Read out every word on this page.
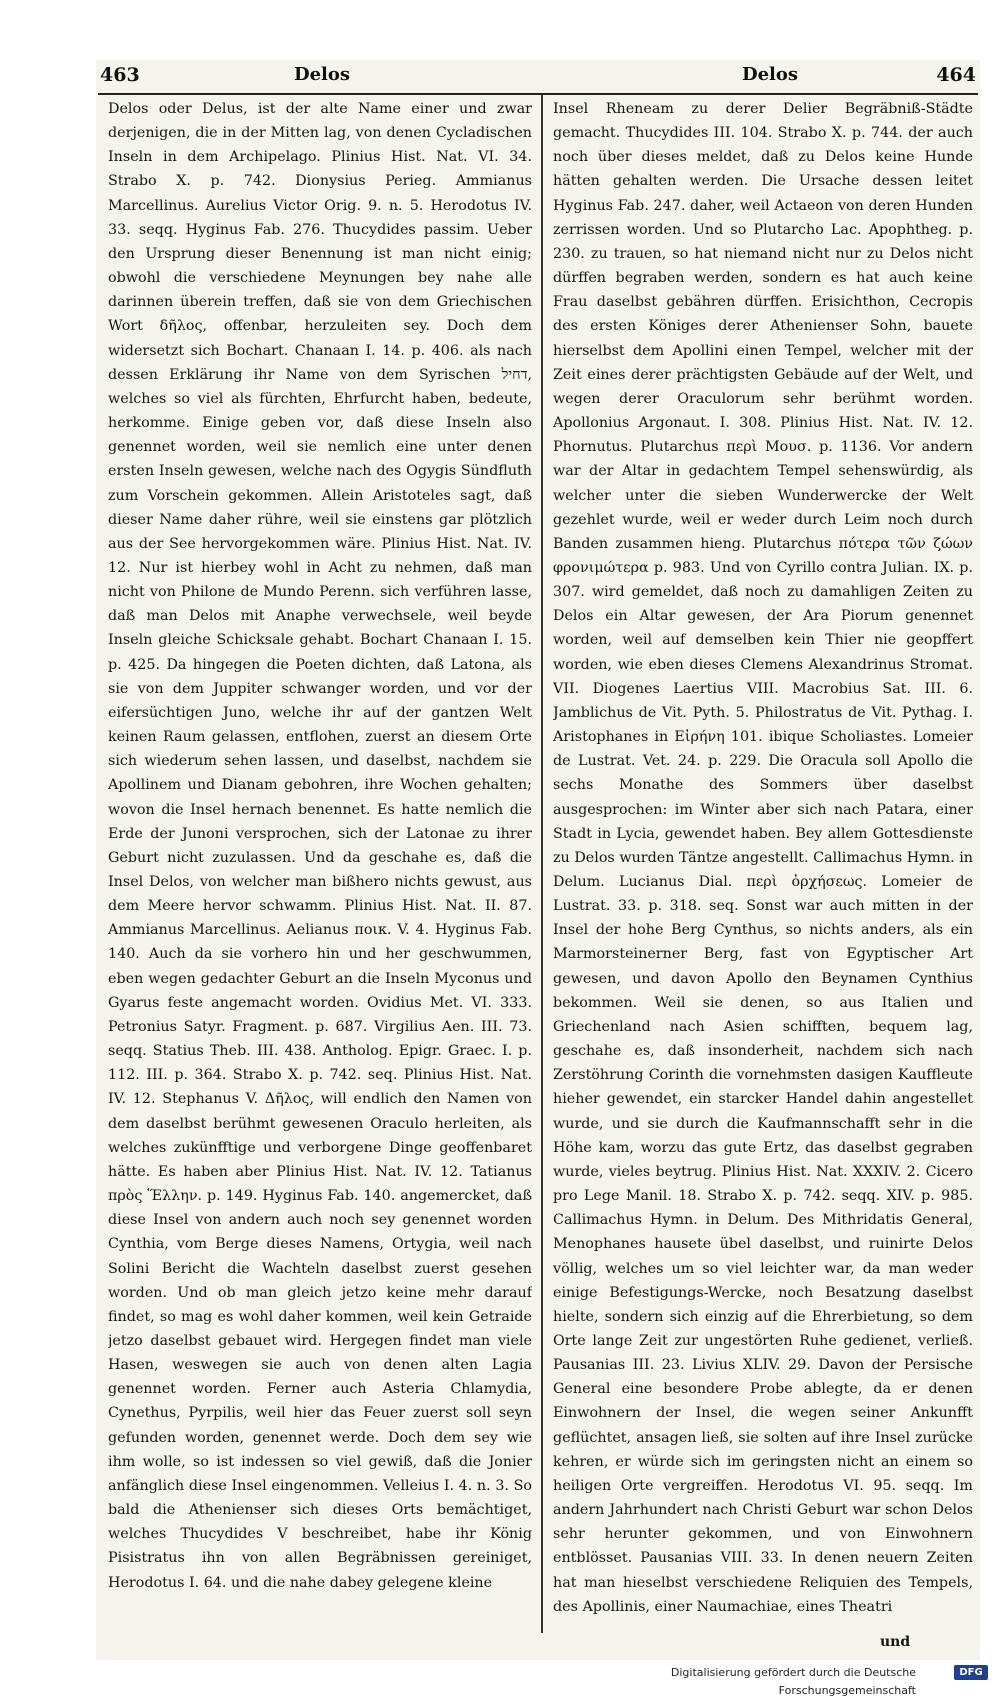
463	Delos	Delos	464

Delos oder Delus, ist der alte Name einer und zwar derjenigen, die in der Mitten lag, von denen Cycladischen Inseln in dem Archipelago. Plinius Hist. Nat. VI. 34. Strabo X. p. 742. Dionysius Perieg. Ammianus Marcellinus. Aurelius Victor Orig. 9. n. 5. Herodotus IV. 33. seqq. Hyginus Fab. 276. Thucydides passim. Ueber den Ursprung dieser Benennung ist man nicht einig; obwohl die verschiedene Meynungen bey nahe alle darinnen überein treffen, daß sie von dem Griechischen Wort δῆλος, offenbar, herzuleiten sey. Doch dem widersetzt sich Bochart. Chanaan I. 14. p. 406. als nach dessen Erklärung ihr Name von dem Syrischen דחיל, welches so viel als fürchten, Ehrfurcht haben, bedeute, herkomme. Einige geben vor, daß diese Inseln also genennet worden, weil sie nemlich eine unter denen ersten Inseln gewesen, welche nach des Ogygis Sündfluth zum Vorschein gekommen. Allein Aristoteles sagt, daß dieser Name daher rühre, weil sie einstens gar plötzlich aus der See hervorgekommen wäre. Plinius Hist. Nat. IV. 12. Nur ist hierbey wohl in Acht zu nehmen, daß man nicht von Philone de Mundo Perenn. sich verführen lasse, daß man Delos mit Anaphe verwechsele, weil beyde Inseln gleiche Schicksale gehabt. Bochart Chanaan I. 15. p. 425. Da hingegen die Poeten dichten, daß Latona, als sie von dem Juppiter schwanger worden, und vor der eifersüchtigen Juno, welche ihr auf der gantzen Welt keinen Raum gelassen, entflohen, zuerst an diesem Orte sich wiederum sehen lassen, und daselbst, nachdem sie Apollinem und Dianam gebohren, ihre Wochen gehalten; wovon die Insel hernach benennet. Es hatte nemlich die Erde der Junoni versprochen, sich der Latonae zu ihrer Geburt nicht zuzulassen. Und da geschahe es, daß die Insel Delos, von welcher man bißhero nichts gewust, aus dem Meere hervor schwamm. Plinius Hist. Nat. II. 87. Ammianus Marcellinus. Aelianus ποικ. V. 4. Hyginus Fab. 140. Auch da sie vorhero hin und her geschwummen, eben wegen gedachter Geburt an die Inseln Myconus und Gyarus feste angemacht worden. Ovidius Met. VI. 333. Petronius Satyr. Fragment. p. 687. Virgilius Aen. III. 73. seqq. Statius Theb. III. 438. Antholog. Epigr. Graec. I. p. 112. III. p. 364. Strabo X. p. 742. seq. Plinius Hist. Nat. IV. 12. Stephanus V. Δῆλος, will endlich den Namen von dem daselbst berühmt gewesenen Oraculo herleiten, als welches zukünfftige und verborgene Dinge geoffenbaret hätte. Es haben aber Plinius Hist. Nat. IV. 12. Tatianus πρὸς Ἕλλην. p. 149. Hyginus Fab. 140. angemercket, daß diese Insel von andern auch noch sey genennet worden Cynthia, vom Berge dieses Namens, Ortygia, weil nach Solini Bericht die Wachteln daselbst zuerst gesehen worden. Und ob man gleich jetzo keine mehr darauf findet, so mag es wohl daher kommen, weil kein Getraide jetzo daselbst gebauet wird. Hergegen findet man viele Hasen, weswegen sie auch von denen alten Lagia genennet worden. Ferner auch Asteria Chlamydia, Cynethus, Pyrpilis, weil hier das Feuer zuerst soll seyn gefunden worden, genennet werde. Doch dem sey wie ihm wolle, so ist indessen so viel gewiß, daß die Jonier anfänglich diese Insel eingenommen. Velleius I. 4. n. 3. So bald die Athenienser sich dieses Orts bemächtiget, welches Thucydides V beschreibet, habe ihr König Pisistratus ihn von allen Begräbnissen gereiniget, Herodotus I. 64. und die nahe dabey gelegene kleine

Insel Rheneam zu derer Delier Begräbniß-Städte gemacht. Thucydides III. 104. Strabo X. p. 744. der auch noch über dieses meldet, daß zu Delos keine Hunde hätten gehalten werden. Die Ursache dessen leitet Hyginus Fab. 247. daher, weil Actaeon von deren Hunden zerrissen worden. Und so Plutarcho Lac. Apophtheg. p. 230. zu trauen, so hat niemand nicht nur zu Delos nicht dürffen begraben werden, sondern es hat auch keine Frau daselbst gebähren dürffen. Erisichthon, Cecropis des ersten Königes derer Athenienser Sohn, bauete hierselbst dem Apollini einen Tempel, welcher mit der Zeit eines derer prächtigsten Gebäude auf der Welt, und wegen derer Oraculorum sehr berühmt worden. Apollonius Argonaut. I. 308. Plinius Hist. Nat. IV. 12. Phornutus. Plutarchus περὶ Μουσ. p. 1136. Vor andern war der Altar in gedachtem Tempel sehenswürdig, als welcher unter die sieben Wunderwercke der Welt gezehlet wurde, weil er weder durch Leim noch durch Banden zusammen hieng. Plutarchus πότερα τῶν ζώων φρονιμώτερα p. 983. Und von Cyrillo contra Julian. IX. p. 307. wird gemeldet, daß noch zu damahligen Zeiten zu Delos ein Altar gewesen, der Ara Piorum genennet worden, weil auf demselben kein Thier nie geopffert worden, wie eben dieses Clemens Alexandrinus Stromat. VII. Diogenes Laertius VIII. Macrobius Sat. III. 6. Jamblichus de Vit. Pyth. 5. Philostratus de Vit. Pythag. I. Aristophanes in Εἰρήνη 101. ibique Scholiastes. Lomeier de Lustrat. Vet. 24. p. 229. Die Oracula soll Apollo die sechs Monathe des Sommers über daselbst ausgesprochen: im Winter aber sich nach Patara, einer Stadt in Lycia, gewendet haben. Bey allem Gottesdienste zu Delos wurden Täntze angestellt. Callimachus Hymn. in Delum. Lucianus Dial. περὶ ὀρχήσεως. Lomeier de Lustrat. 33. p. 318. seq. Sonst war auch mitten in der Insel der hohe Berg Cynthus, so nichts anders, als ein Marmorsteinerner Berg, fast von Egyptischer Art gewesen, und davon Apollo den Beynamen Cynthius bekommen. Weil sie denen, so aus Italien und Griechenland nach Asien schifften, bequem lag, geschahe es, daß insonderheit, nachdem sich nach Zerstöhrung Corinth die vornehmsten dasigen Kauffleute hieher gewendet, ein starcker Handel dahin angestellet wurde, und sie durch die Kaufmannschafft sehr in die Höhe kam, worzu das gute Ertz, das daselbst gegraben wurde, vieles beytrug. Plinius Hist. Nat. XXXIV. 2. Cicero pro Lege Manil. 18. Strabo X. p. 742. seqq. XIV. p. 985. Callimachus Hymn. in Delum. Des Mithridatis General, Menophanes hausete übel daselbst, und ruinirte Delos völlig, welches um so viel leichter war, da man weder einige Befestigungs-Wercke, noch Besatzung daselbst hielte, sondern sich einzig auf die Ehrerbietung, so dem Orte lange Zeit zur ungestörten Ruhe gedienet, verließ. Pausanias III. 23. Livius XLIV. 29. Davon der Persische General eine besondere Probe ablegte, da er denen Einwohnern der Insel, die wegen seiner Ankunfft geflüchtet, ansagen ließ, sie solten auf ihre Insel zurücke kehren, er würde sich im geringsten nicht an einem so heiligen Orte vergreiffen. Herodotus VI. 95. seqq. Im andern Jahrhundert nach Christi Geburt war schon Delos sehr herunter gekommen, und von Einwohnern entblösset. Pausanias VIII. 33. In denen neuern Zeiten hat man hieselbst verschiedene Reliquien des Tempels, des Apollinis, einer Naumachiae, eines Theatri

und
Digitalisierung gefördert durch die Deutsche Forschungsgemeinschaft
DFG
